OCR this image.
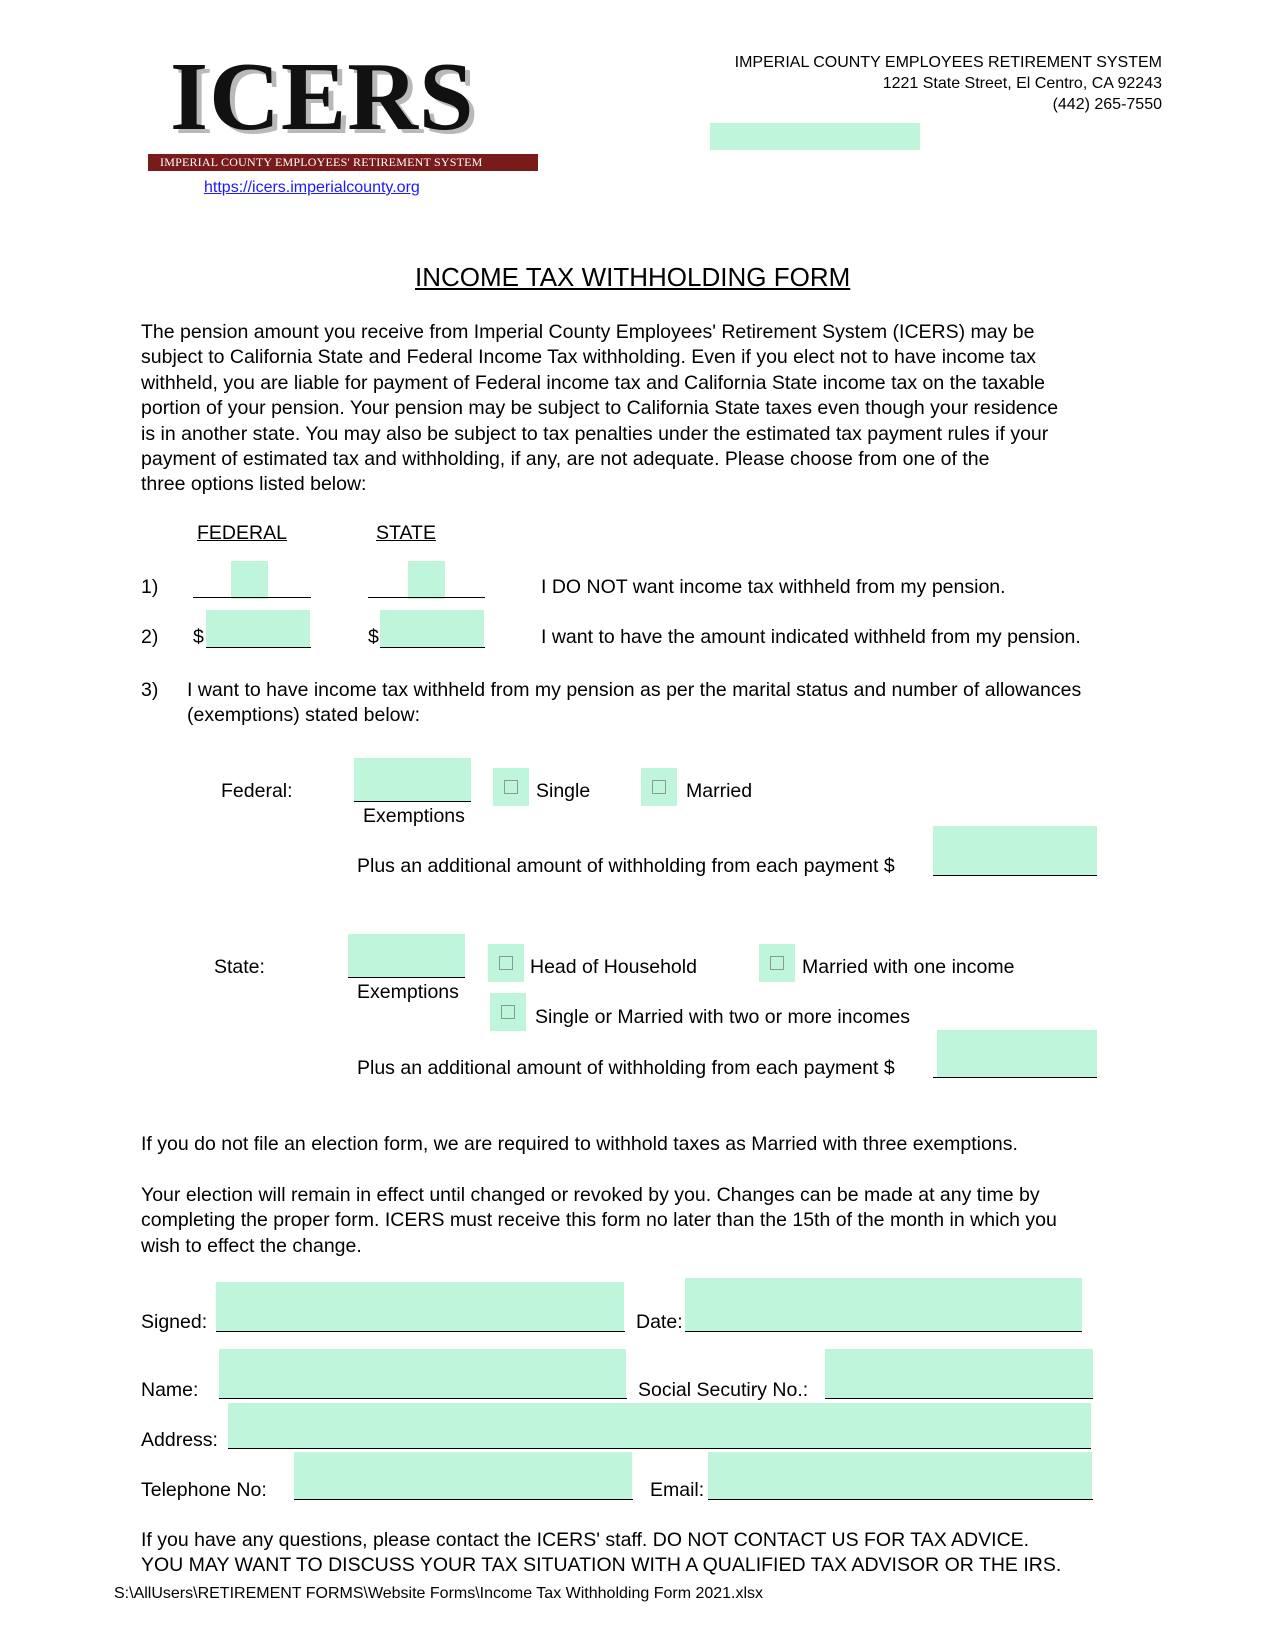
ICERS
IMPERIAL COUNTY EMPLOYEES' RETIREMENT SYSTEM
https://icers.imperialcounty.org
IMPERIAL COUNTY EMPLOYEES RETIREMENT SYSTEM
1221 State Street, El Centro, CA 92243
(442) 265-7550
INCOME TAX WITHHOLDING FORM
The pension amount you receive from Imperial County Employees' Retirement System (ICERS) may be
subject to California State and Federal Income Tax withholding. Even if you elect not to have income tax
withheld, you are liable for payment of Federal income tax and California State income tax on the taxable
portion of your pension. Your pension may be subject to California State taxes even though your residence
is in another state. You may also be subject to tax penalties under the estimated tax payment rules if your
payment of estimated tax and withholding, if any, are not adequate. Please choose from one of the
three options listed below:
FEDERAL	STATE
1)	I DO NOT want income tax withheld from my pension.
2) $	$	I want to have the amount indicated withheld from my pension.
3) I want to have income tax withheld from my pension as per the marital status and number of allowances
(exemptions) stated below:
Federal:
Exemptions
Single	Married
Plus an additional amount of withholding from each payment $
State:
Exemptions
Head of Household	Married with one income
Single or Married with two or more incomes
Plus an additional amount of withholding from each payment $
If you do not file an election form, we are required to withhold taxes as Married with three exemptions.
Your election will remain in effect until changed or revoked by you. Changes can be made at any time by
completing the proper form. ICERS must receive this form no later than the 15th of the month in which you
wish to effect the change.
Signed:	Date:
Name:	Social Secutiry No.:
Address:
Telephone No:	Email:
If you have any questions, please contact the ICERS' staff. DO NOT CONTACT US FOR TAX ADVICE.
YOU MAY WANT TO DISCUSS YOUR TAX SITUATION WITH A QUALIFIED TAX ADVISOR OR THE IRS.
S:\AllUsers\RETIREMENT FORMS\Website Forms\Income Tax Withholding Form 2021.xlsx
